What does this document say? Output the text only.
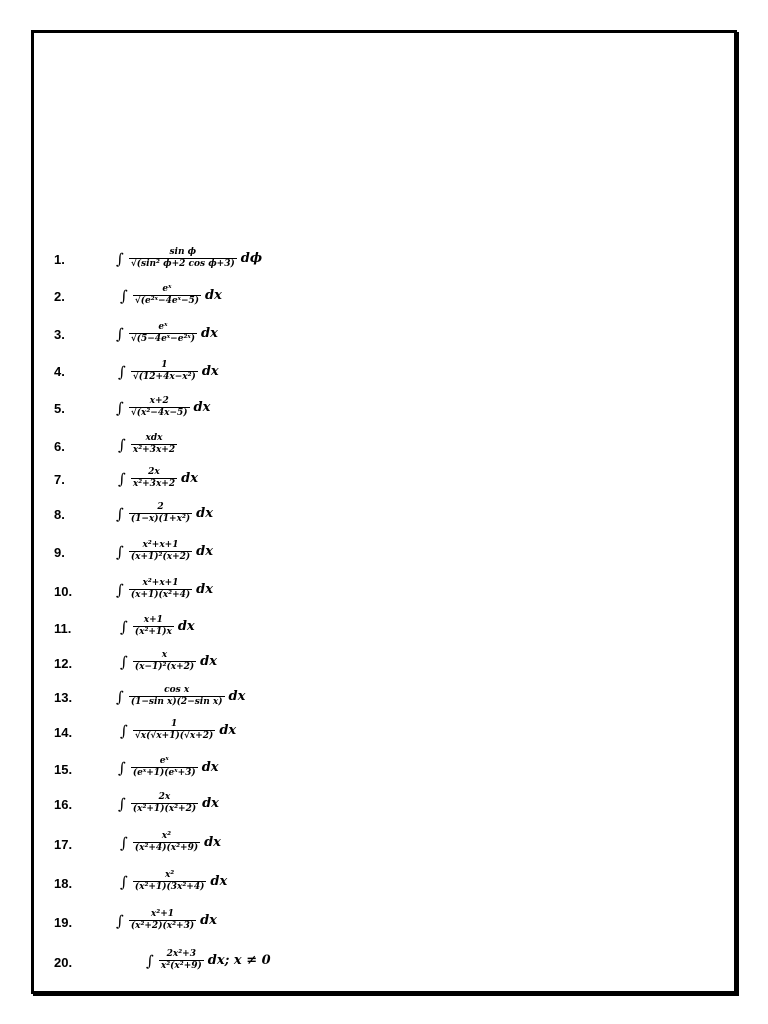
1.	∫ $\frac{\text{sin ϕ}}{\text{√(sin² ϕ+2 cos ϕ+3)}}$ dϕ
2.	∫ $\frac{\text{eˣ}}{\text{√(e²ˣ−4eˣ−5)}}$ dx
3.	∫ $\frac{\text{eˣ}}{\text{√(5−4eˣ−e²ˣ)}}$ dx
4.	∫ $\frac{1}{\text{√(12+4x−x²)}}$ dx
5.	∫ $\frac{x+2}{\text{√(x²−4x−5)}}$ dx
6.	∫ $\frac{\text{xdx}}{\text{x²+3x+2}}$
7.	∫ $\frac{2x}{\text{x²+3x+2}}$ dx
8.	∫ $\frac{2}{\text{(1−x)(1+x²)}}$ dx
9.	∫ $\frac{\text{x²+x+1}}{\text{(x+1)²(x+2)}}$ dx
10.	∫ $\frac{\text{x²+x+1}}{\text{(x+1)(x²+4)}}$ dx
11.	∫ $\frac{x+1}{\text{(x²+1)x}}$ dx
12.	∫ $\frac{x}{\text{(x−1)²(x+2)}}$ dx
13.	∫ $\frac{\text{cos x}}{\text{(1−sin x)(2−sin x)}}$ dx
14.	∫ $\frac{1}{√x(√x+1)(√x+2)}$ dx
15.	∫ $\frac{\text{eˣ}}{\text{(eˣ+1)(eˣ+3)}}$ dx
16.	∫ $\frac{2x}{\text{(x²+1)(x²+2)}}$ dx
17.	∫ $\frac{\text{x²}}{\text{(x²+4)(x²+9)}}$ dx
18.	∫ $\frac{\text{x²}}{\text{(x²+1)(3x²+4)}}$ dx
19.	∫ $\frac{\text{x²+1}}{\text{(x²+2)(x²+3)}}$ dx
20.	∫ $\frac{\text{2x²+3}}{\text{x²(x²+9)}}$ dx; x ≠ 0
